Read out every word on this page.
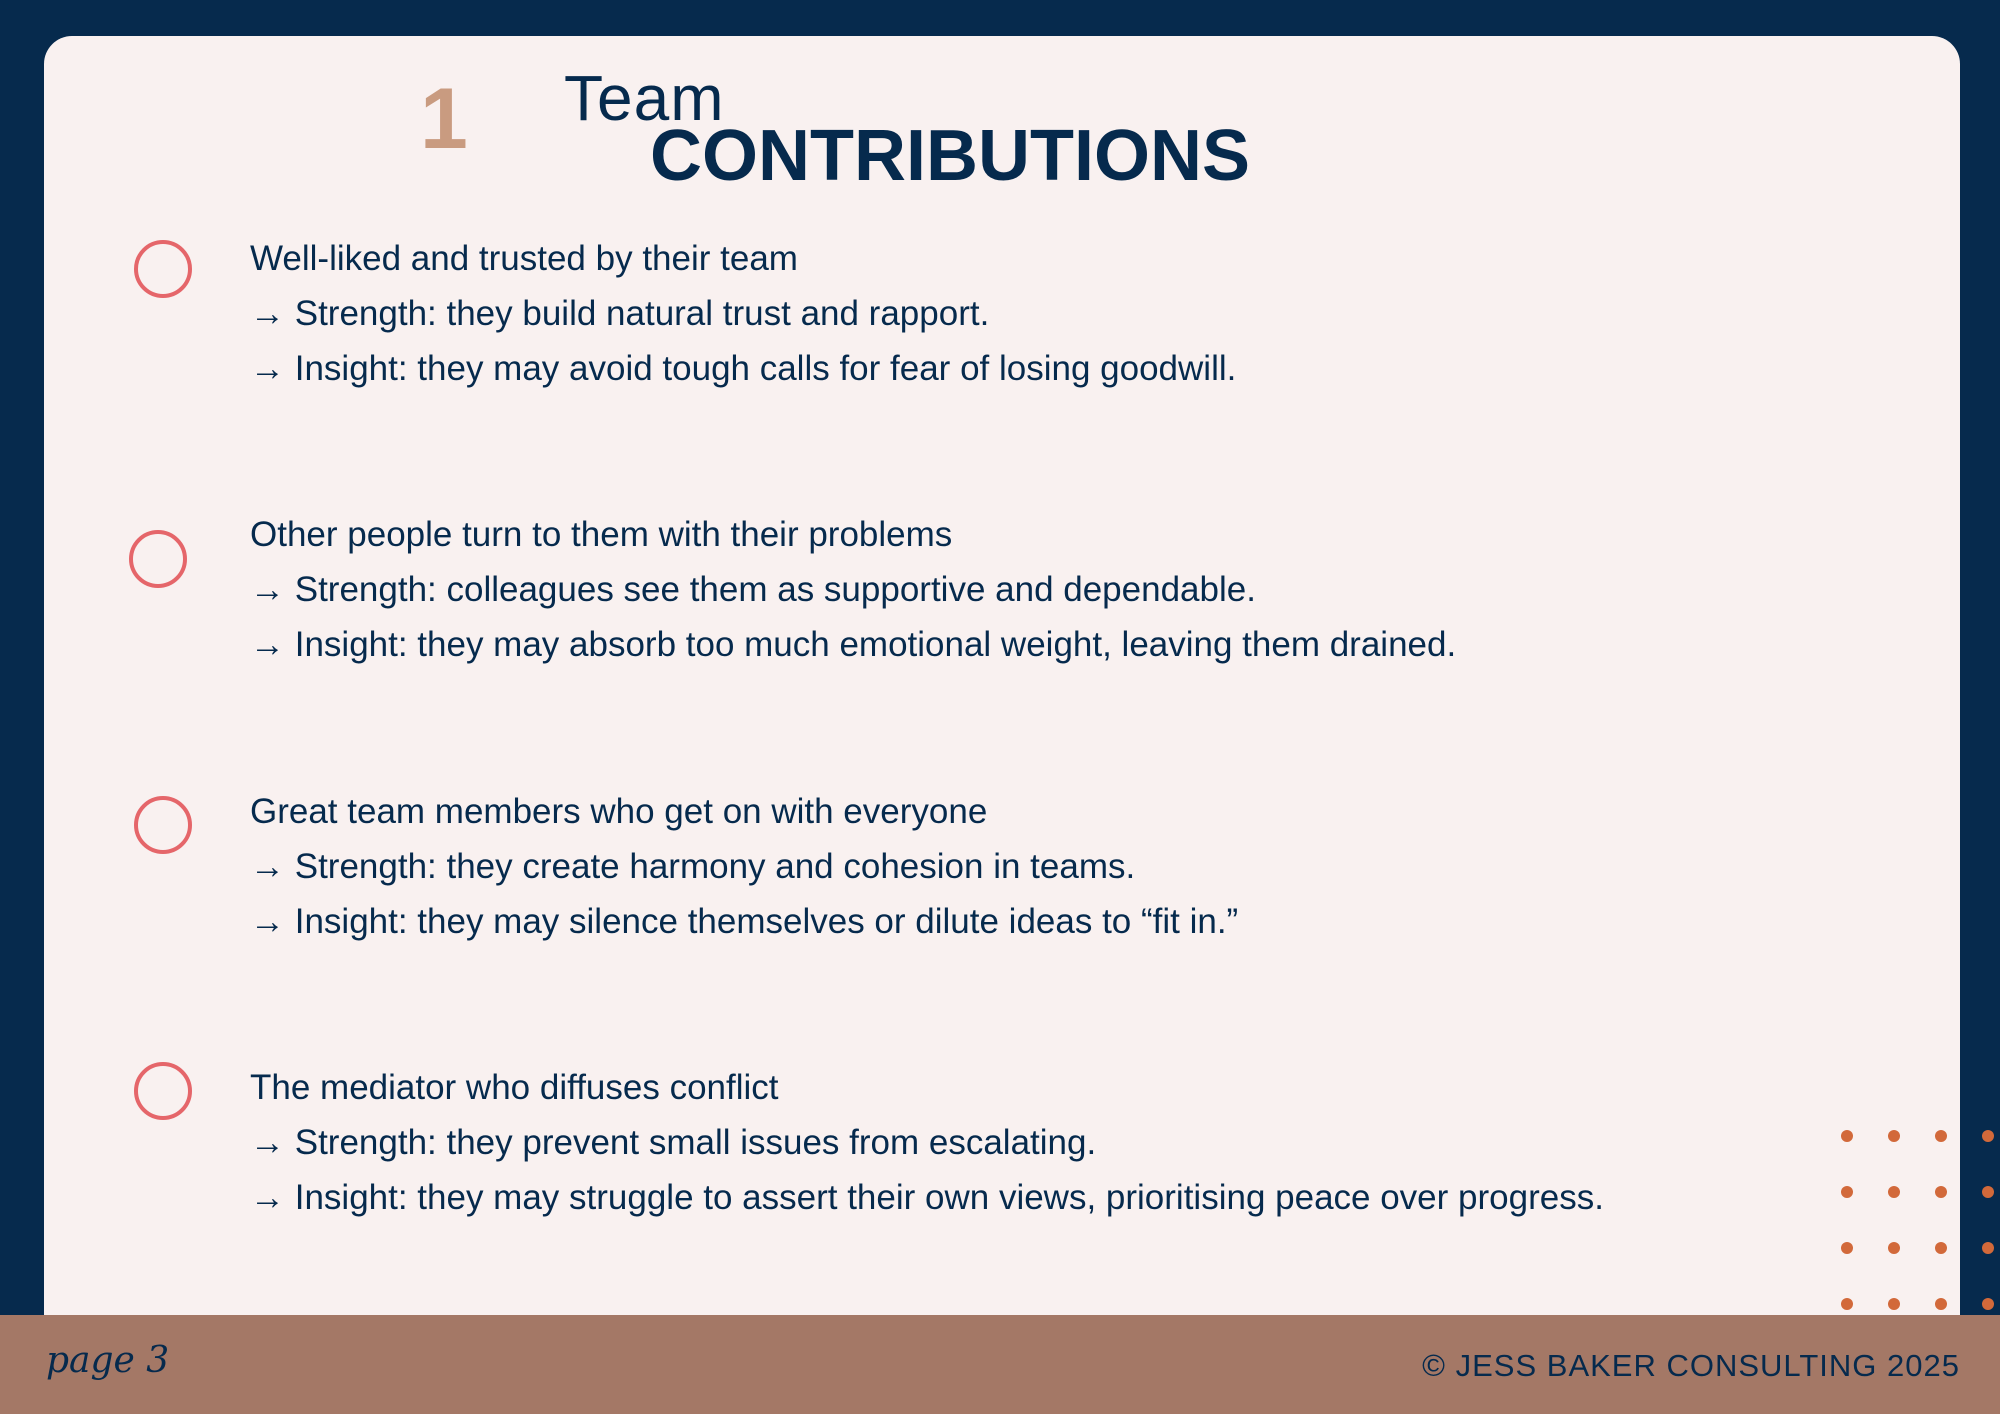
1 Team
CONTRIBUTIONS
Well-liked and trusted by their team
→ Strength: they build natural trust and rapport.
→ Insight: they may avoid tough calls for fear of losing goodwill.
Other people turn to them with their problems
→ Strength: colleagues see them as supportive and dependable.
→ Insight: they may absorb too much emotional weight, leaving them drained.
Great team members who get on with everyone
→ Strength: they create harmony and cohesion in teams.
→ Insight: they may silence themselves or dilute ideas to “fit in.”
The mediator who diffuses conflict
→ Strength: they prevent small issues from escalating.
→ Insight: they may struggle to assert their own views, prioritising peace over progress.
page 3	© JESS BAKER CONSULTING 2025
